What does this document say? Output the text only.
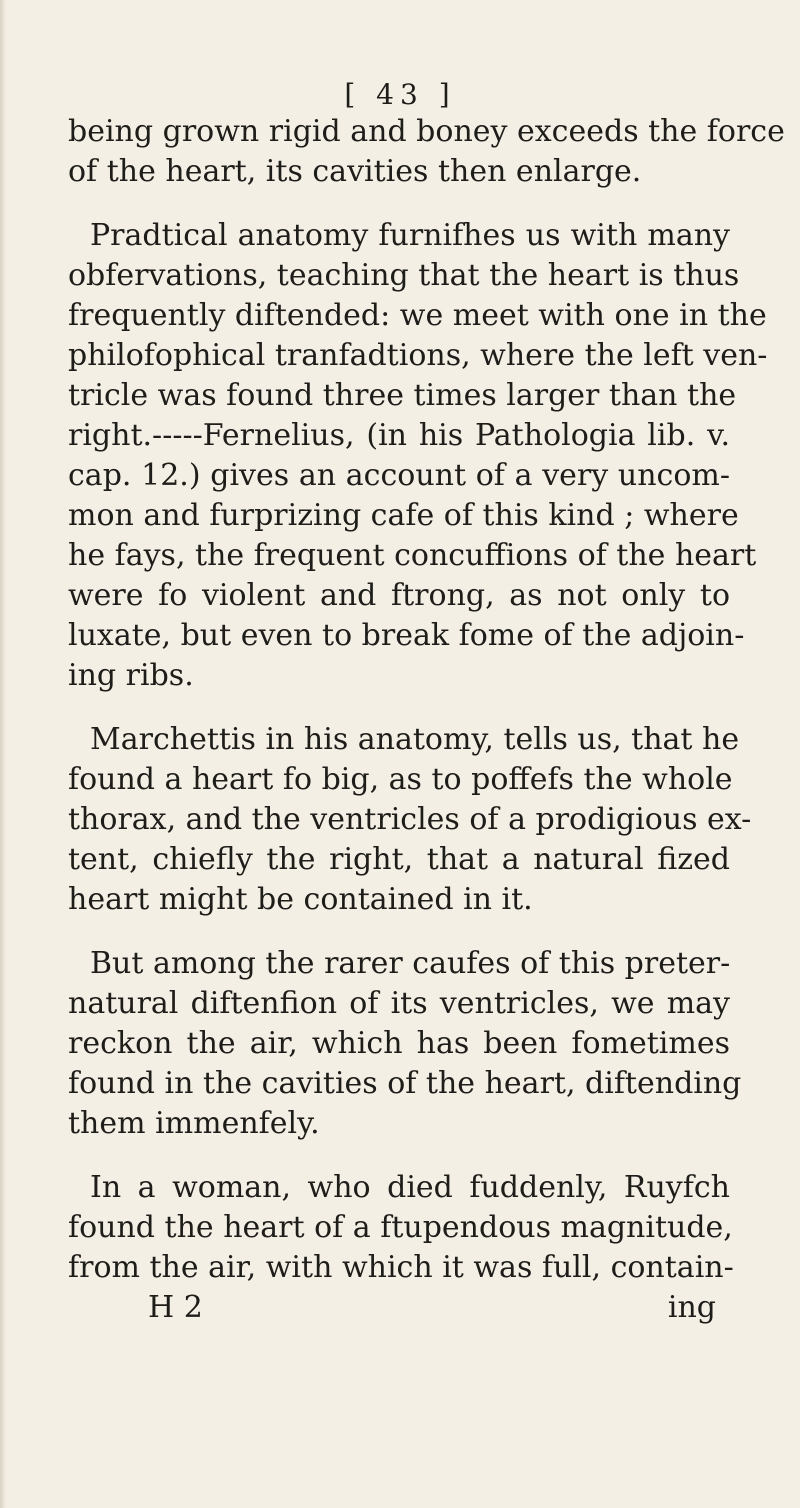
[ 43 ]
being grown rigid and boney exceeds the force
of the heart, its cavities then enlarge.
Pradtical anatomy furnifhes us with many
obfervations, teaching that the heart is thus
frequently diftended: we meet with one in the
philofophical tranfadtions, where the left ven-
tricle was found three times larger than the
right.-----Fernelius, (in his Pathologia lib. v.
cap. 12.) gives an account of a very uncom-
mon and furprizing cafe of this kind ; where
he fays, the frequent concuffions of the heart
were fo violent and ftrong, as not only to
luxate, but even to break fome of the adjoin-
ing ribs.
Marchettis in his anatomy, tells us, that he
found a heart fo big, as to poffefs the whole
thorax, and the ventricles of a prodigious ex-
tent, chiefly the right, that a natural fized
heart might be contained in it.
But among the rarer caufes of this preter-
natural diftenfion of its ventricles, we may
reckon the air, which has been fometimes
found in the cavities of the heart, diftending
them immenfely.
In a woman, who died fuddenly, Ruyfch
found the heart of a ftupendous magnitude,
from the air, with which it was full, contain-
H 2	ing
